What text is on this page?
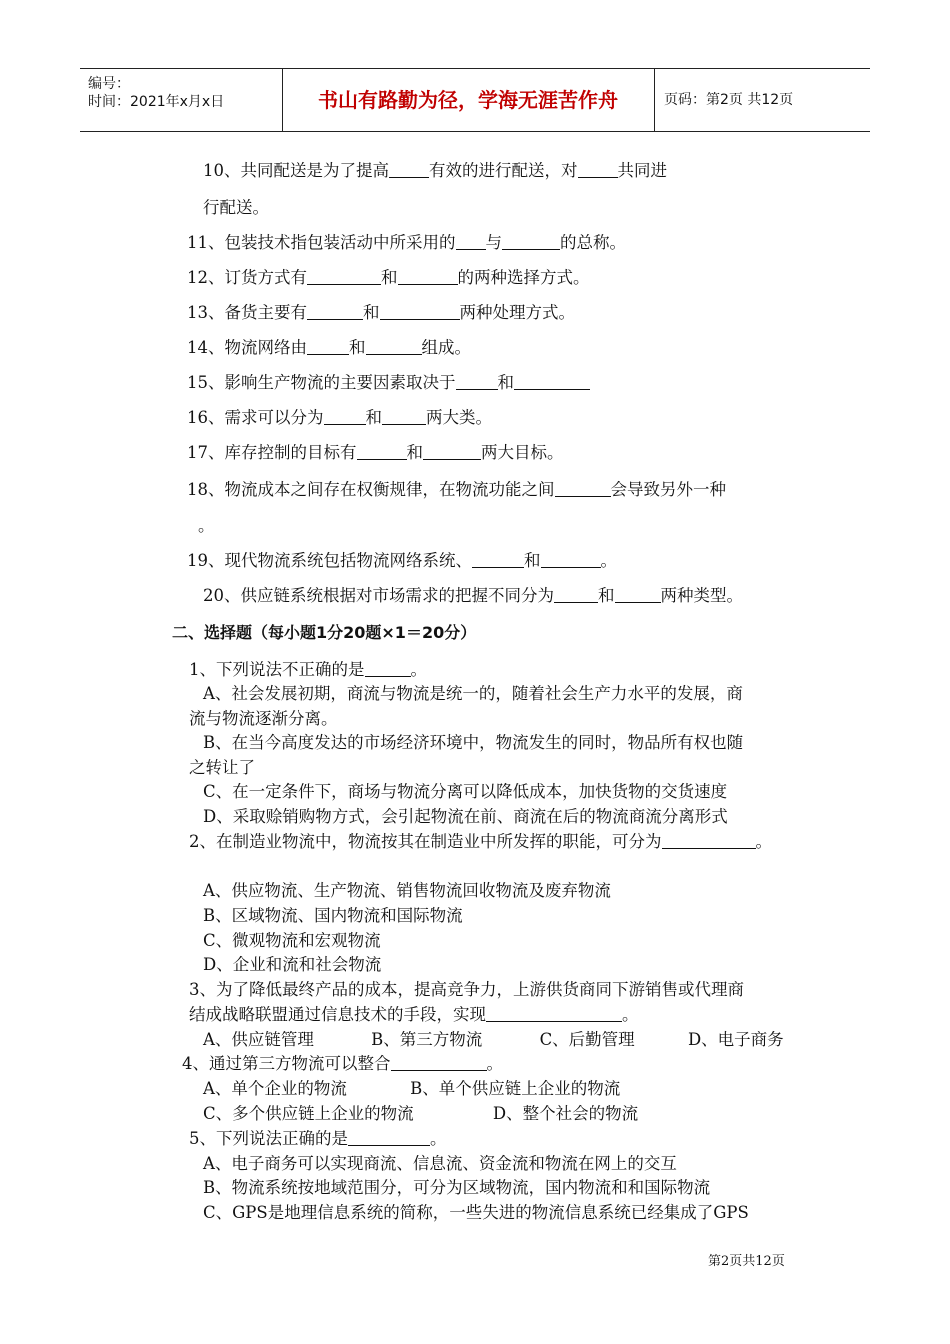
编号：
时间：2021年x月x日	书山有路勤为径，学海无涯苦作舟	页码：第2页 共12页
10、共同配送是为了提高 有效的进行配送，对 共同进
行配送。
11、包装技术指包装活动中所采用的 与	的总称。
12、订货方式有	和	的两种选择方式。
13、备货主要有	和	两种处理方式。
14、物流网络由	和	组成。
15、影响生产物流的主要因素取决于	和
16、需求可以分为	和	两大类。
17、库存控制的目标有	和	两大目标。
18、物流成本之间存在权衡规律，在物流功能之间	会导致另外一种
。
19、现代物流系统包括物流网络系统、	和	。
20、供应链系统根据对市场需求的把握不同分为	和	两种类型。
二、选择题（每小题1分20题×1＝20分）
1、下列说法不正确的是	。
A、社会发展初期，商流与物流是统一的，随着社会生产力水平的发展，商
流与物流逐渐分离。
B、在当今高度发达的市场经济环境中，物流发生的同时，物品所有权也随
之转让了
C、在一定条件下，商场与物流分离可以降低成本，加快货物的交货速度
D、采取赊销购物方式，会引起物流在前、商流在后的物流商流分离形式
2、在制造业物流中，物流按其在制造业中所发挥的职能，可分为	。
A、供应物流、生产物流、销售物流回收物流及废弃物流
B、区域物流、国内物流和国际物流
C、微观物流和宏观物流
D、企业和流和社会物流
3、为了降低最终产品的成本，提高竞争力，上游供货商同下游销售或代理商
结成战略联盟通过信息技术的手段，实现	。
A、供应链管理	B、第三方物流	C、后勤管理	D、电子商务
4、通过第三方物流可以整合	。
A、单个企业的物流	B、单个供应链上企业的物流
C、多个供应链上企业的物流	D、整个社会的物流
5、下列说法正确的是	。
A、电子商务可以实现商流、信息流、资金流和物流在网上的交互
B、物流系统按地域范围分，可分为区域物流，国内物流和和国际物流
C、GPS是地理信息系统的简称，一些失进的物流信息系统已经集成了GPS
第2页共12页
